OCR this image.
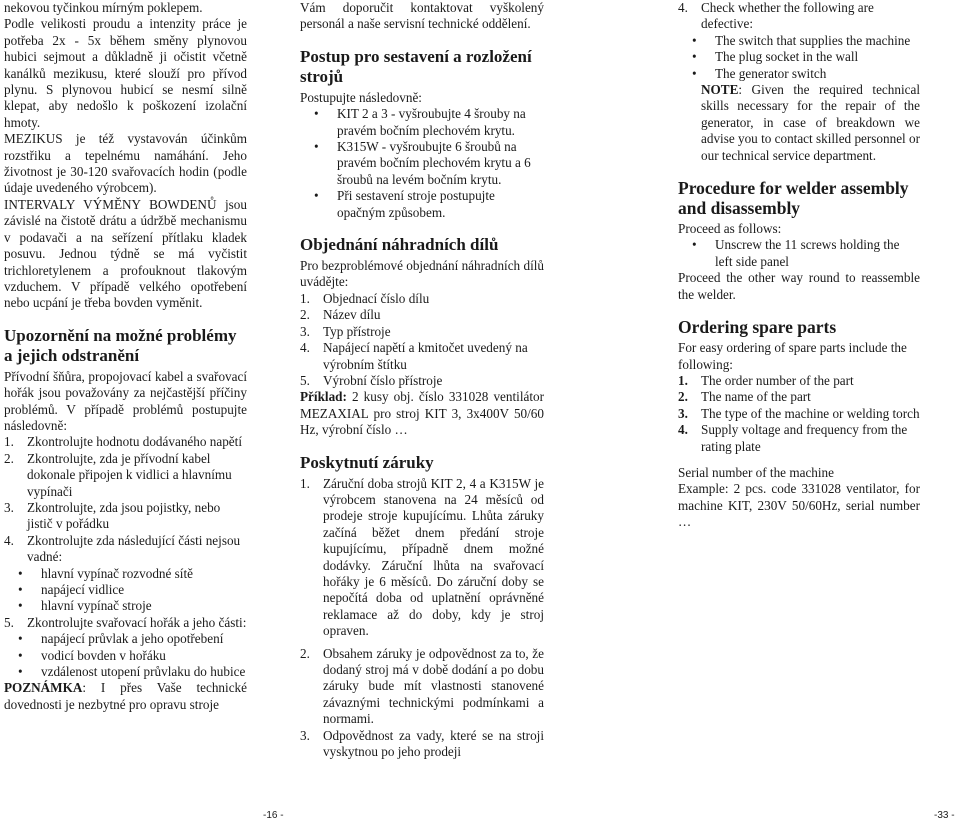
nekovou tyčinkou mírným poklepem.

Podle velikosti proudu a intenzity práce je potřeba 2x - 5x během směny plynovou hubici sejmout a důkladně ji očistit včetně kanálků mezikusu, které slouží pro přívod plynu. S plynovou hubicí se nesmí silně klepat, aby nedošlo k poškození izolační hmoty.

MEZIKUS je též vystavován účinkům rozstřiku a tepelnému namáhání. Jeho životnost je 30-120 svařovacích hodin (podle údaje uvedeného výrobcem).

INTERVALY VÝMĚNY BOWDENŮ jsou závislé na čistotě drátu a údržbě mechanismu v podavači a na seřízení přítlaku kladek posuvu. Jednou týdně se má vyčistit trichloretylenem a profouknout tlakovým vzduchem. V případě velkého opotřebení nebo ucpání je třeba bovden vyměnit.

Upozornění na možné problémy a jejich odstranění

Přívodní šňůra, propojovací kabel a svařovací hořák jsou považovány za nejčastější příčiny problémů. V případě problémů postupujte následovně:

1. Zkontrolujte hodnotu dodávaného napětí
2. Zkontrolujte, zda je přívodní kabel dokonale připojen k vidlici a hlavnímu vypínači
3. Zkontrolujte, zda jsou pojistky, nebo jistič v pořádku
4. Zkontrolujte zda následující části nejsou vadné:
• hlavní vypínač rozvodné sítě
• napájecí vidlice
• hlavní vypínač stroje
5. Zkontrolujte svařovací hořák a jeho části:
• napájecí průvlak a jeho opotřebení
• vodicí bovden v hořáku
• vzdálenost utopení průvlaku do hubice

POZNÁMKA: I přes Vaše technické dovednosti je nezbytné pro opravu stroje

Vám doporučit kontaktovat vyškolený personál a naše servisní technické oddělení.

Postup pro sestavení a rozložení strojů

Postupujte následovně:

• KIT 2 a 3 - vyšroubujte 4 šrouby na pravém bočním plechovém krytu.
• K315W - vyšroubujte 6 šroubů na pravém bočním plechovém krytu a 6 šroubů na levém bočním krytu.
• Při sestavení stroje postupujte opačným způsobem.
Objednání náhradních dílů

Pro bezproblémové objednání náhradních dílů uvádějte:

1. Objednací číslo dílu
2. Název dílu
3. Typ přístroje
4. Napájecí napětí a kmitočet uvedený na výrobním štítku
5. Výrobní číslo přístroje

Příklad: 2 kusy obj. číslo 331028 ventilátor MEZAXIAL pro stroj KIT 3, 3x400V 50/60 Hz, výrobní číslo …

Poskytnutí záruky
1. Záruční doba strojů KIT 2, 4 a K315W je výrobcem stanovena na 24 měsíců od prodeje stroje kupujícímu. Lhůta záruky začíná běžet dnem předání stroje kupujícímu, případně dnem možné dodávky. Záruční lhůta na svařovací hořáky je 6 měsíců. Do záruční doby se nepočítá doba od uplatnění oprávněné reklamace až do doby, kdy je stroj opraven.
2. Obsahem záruky je odpovědnost za to, že dodaný stroj má v době dodání a po dobu záruky bude mít vlastnosti stanovené závaznými technickými podmínkami a normami.
3. Odpovědnost za vady, které se na stroji vyskytnou po jeho prodeji
4. Check whether the following are defective:
• The switch that supplies the machine
• The plug socket in the wall
• The generator switch

NOTE: Given the required technical skills necessary for the repair of the generator, in case of breakdown we advise you to contact skilled personnel or our technical service department.

Procedure for welder assembly and disassembly

Proceed as follows:

• Unscrew the 11 screws holding the left side panel

Proceed the other way round to reassemble the welder.

Ordering spare parts

For easy ordering of spare parts include the following:

1. The order number of the part
2. The name of the part
3. The type of the machine or welding torch
4. Supply voltage and frequency from the rating plate

Serial number of the machine

Example: 2 pcs. code 331028 ventilator, for machine KIT, 230V 50/60Hz, serial number …

-16 -	-33 -
